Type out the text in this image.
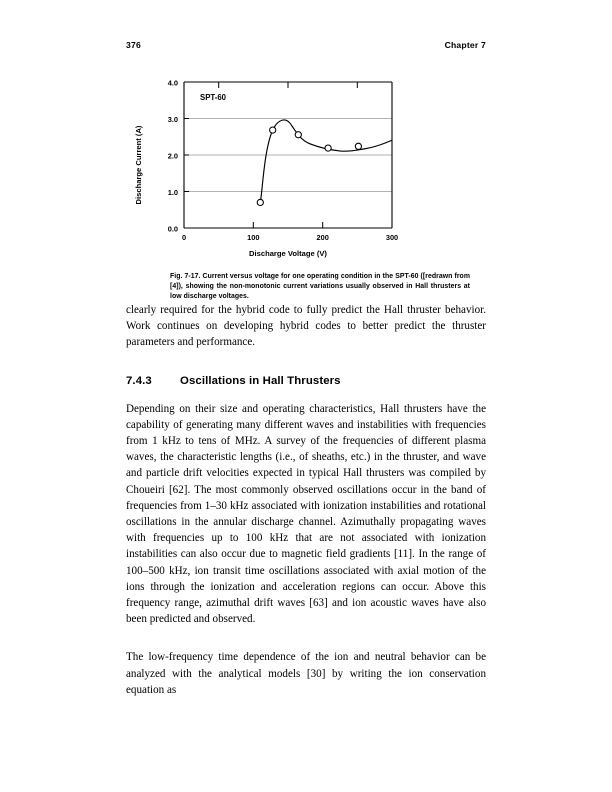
376	Chapter 7
Discharge Current (A)
4.0
3.0
2.0
1.0
0.0
SPT-60
0	100	200	300
Discharge Voltage (V)
Fig. 7-17. Current versus voltage for one operating condition in the SPT-60 ([redrawn from [4]), showing the non-monotonic current variations usually observed in Hall thrusters at low discharge voltages.

clearly required for the hybrid code to fully predict the Hall thruster behavior. Work continues on developing hybrid codes to better predict the thruster parameters and performance.

7.4.3	Oscillations in Hall Thrusters

Depending on their size and operating characteristics, Hall thrusters have the capability of generating many different waves and instabilities with frequencies from 1 kHz to tens of MHz. A survey of the frequencies of different plasma waves, the characteristic lengths (i.e., of sheaths, etc.) in the thruster, and wave and particle drift velocities expected in typical Hall thrusters was compiled by Choueiri [62]. The most commonly observed oscillations occur in the band of frequencies from 1–30 kHz associated with ionization instabilities and rotational oscillations in the annular discharge channel. Azimuthally propagating waves with frequencies up to 100 kHz that are not associated with ionization instabilities can also occur due to magnetic field gradients [11]. In the range of 100–500 kHz, ion transit time oscillations associated with axial motion of the ions through the ionization and acceleration regions can occur. Above this frequency range, azimuthal drift waves [63] and ion acoustic waves have also been predicted and observed.

The low-frequency time dependence of the ion and neutral behavior can be analyzed with the analytical models [30] by writing the ion conservation equation as
